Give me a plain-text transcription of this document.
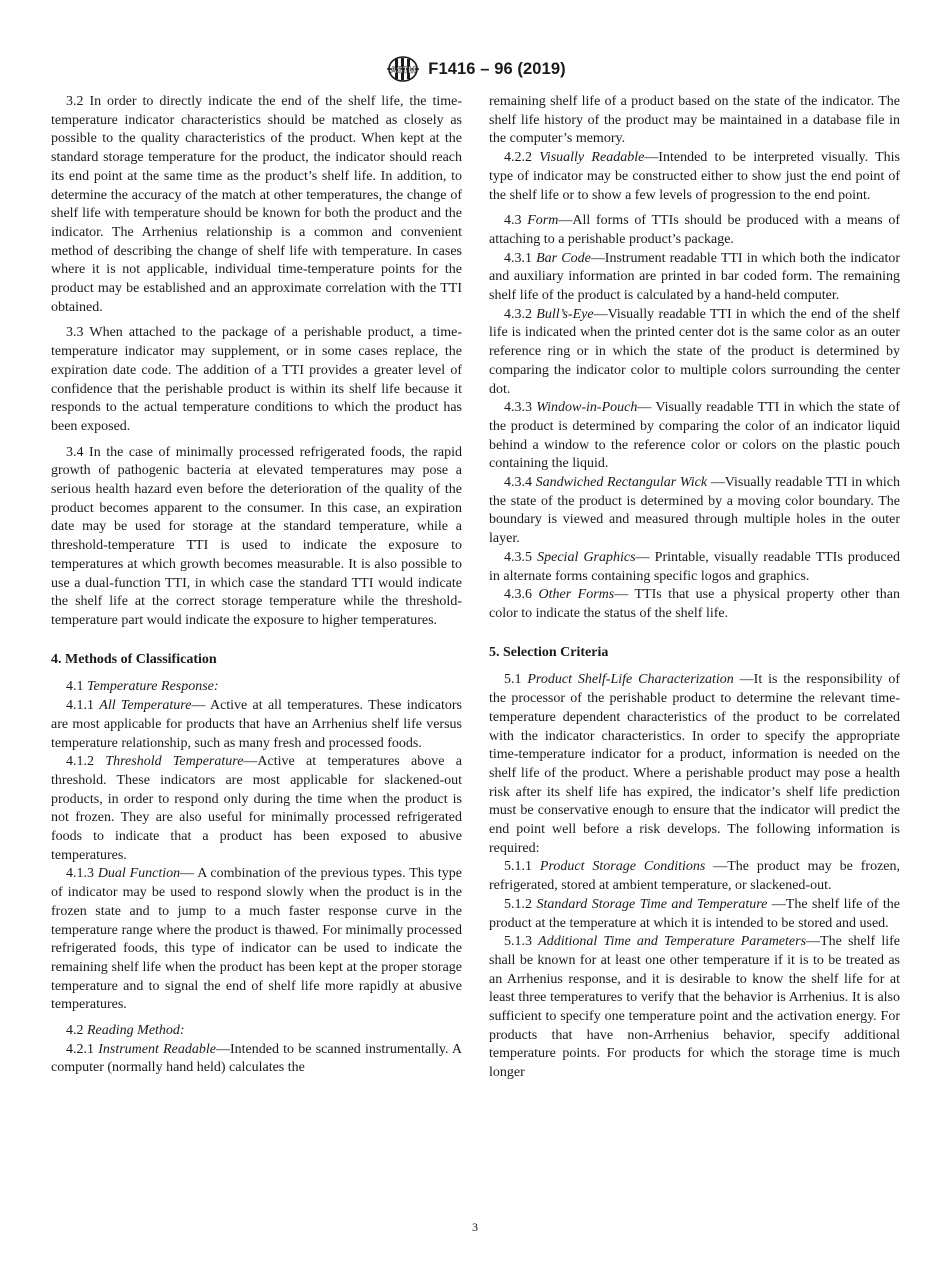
ASTM F1416 – 96 (2019)

3.2 In order to directly indicate the end of the shelf life, the time-temperature indicator characteristics should be matched as closely as possible to the quality characteristics of the product. When kept at the standard storage temperature for the product, the indicator should reach its end point at the same time as the product’s shelf life. In addition, to determine the accuracy of the match at other temperatures, the change of shelf life with temperature should be known for both the product and the indicator. The Arrhenius relationship is a common and convenient method of describing the change of shelf life with temperature. In cases where it is not applicable, individual time-temperature points for the product may be established and an approximate correlation with the TTI obtained.

3.3 When attached to the package of a perishable product, a time-temperature indicator may supplement, or in some cases replace, the expiration date code. The addition of a TTI provides a greater level of confidence that the perishable product is within its shelf life because it responds to the actual temperature conditions to which the product has been exposed.

3.4 In the case of minimally processed refrigerated foods, the rapid growth of pathogenic bacteria at elevated temperatures may pose a serious health hazard even before the deterioration of the quality of the product becomes apparent to the consumer. In this case, an expiration date may be used for storage at the standard temperature, while a threshold-temperature TTI is used to indicate the exposure to temperatures at which growth becomes measurable. It is also possible to use a dual-function TTI, in which case the standard TTI would indicate the shelf life at the correct storage temperature while the threshold-temperature part would indicate the exposure to higher temperatures.

4. Methods of Classification

4.1 Temperature Response:

4.1.1 All Temperature— Active at all temperatures. These indicators are most applicable for products that have an Arrhenius shelf life versus temperature relationship, such as many fresh and processed foods.

4.1.2 Threshold Temperature—Active at temperatures above a threshold. These indicators are most applicable for slackened-out products, in order to respond only during the time when the product is not frozen. They are also useful for minimally processed refrigerated foods to indicate that a product has been exposed to abusive temperatures.

4.1.3 Dual Function— A combination of the previous types. This type of indicator may be used to respond slowly when the product is in the frozen state and to jump to a much faster response curve in the temperature range where the product is thawed. For minimally processed refrigerated foods, this type of indicator can be used to indicate the remaining shelf life when the product has been kept at the proper storage temperature and to signal the end of shelf life more rapidly at abusive temperatures.

4.2 Reading Method:

4.2.1 Instrument Readable—Intended to be scanned instrumentally. A computer (normally hand held) calculates the

remaining shelf life of a product based on the state of the indicator. The shelf life history of the product may be maintained in a database file in the computer’s memory.

4.2.2 Visually Readable—Intended to be interpreted visually. This type of indicator may be constructed either to show just the end point of the shelf life or to show a few levels of progression to the end point.

4.3 Form—All forms of TTIs should be produced with a means of attaching to a perishable product’s package.

4.3.1 Bar Code—Instrument readable TTI in which both the indicator and auxiliary information are printed in bar coded form. The remaining shelf life of the product is calculated by a hand-held computer.

4.3.2 Bull’s-Eye—Visually readable TTI in which the end of the shelf life is indicated when the printed center dot is the same color as an outer reference ring or in which the state of the product is determined by comparing the indicator color to multiple colors surrounding the center dot.

4.3.3 Window-in-Pouch— Visually readable TTI in which the state of the product is determined by comparing the color of an indicator liquid behind a window to the reference color or colors on the plastic pouch containing the liquid.

4.3.4 Sandwiched Rectangular Wick —Visually readable TTI in which the state of the product is determined by a moving color boundary. The boundary is viewed and measured through multiple holes in the outer layer.

4.3.5 Special Graphics— Printable, visually readable TTIs produced in alternate forms containing specific logos and graphics.

4.3.6 Other Forms— TTIs that use a physical property other than color to indicate the status of the shelf life.

5. Selection Criteria

5.1 Product Shelf-Life Characterization —It is the responsibility of the processor of the perishable product to determine the relevant time-temperature dependent characteristics of the product to be correlated with the indicator characteristics. In order to specify the appropriate time-temperature indicator for a product, information is needed on the shelf life of the product. Where a perishable product may pose a health risk after its shelf life has expired, the indicator’s shelf life prediction must be conservative enough to ensure that the indicator will predict the end point well before a risk develops. The following information is required:

5.1.1 Product Storage Conditions —The product may be frozen, refrigerated, stored at ambient temperature, or slackened-out.

5.1.2 Standard Storage Time and Temperature —The shelf life of the product at the temperature at which it is intended to be stored and used.

5.1.3 Additional Time and Temperature Parameters—The shelf life shall be known for at least one other temperature if it is to be treated as an Arrhenius response, and it is desirable to know the shelf life for at least three temperatures to verify that the behavior is Arrhenius. It is also sufficient to specify one temperature point and the activation energy. For products that have non-Arrhenius behavior, specify additional temperature points. For products for which the storage time is much longer

3
